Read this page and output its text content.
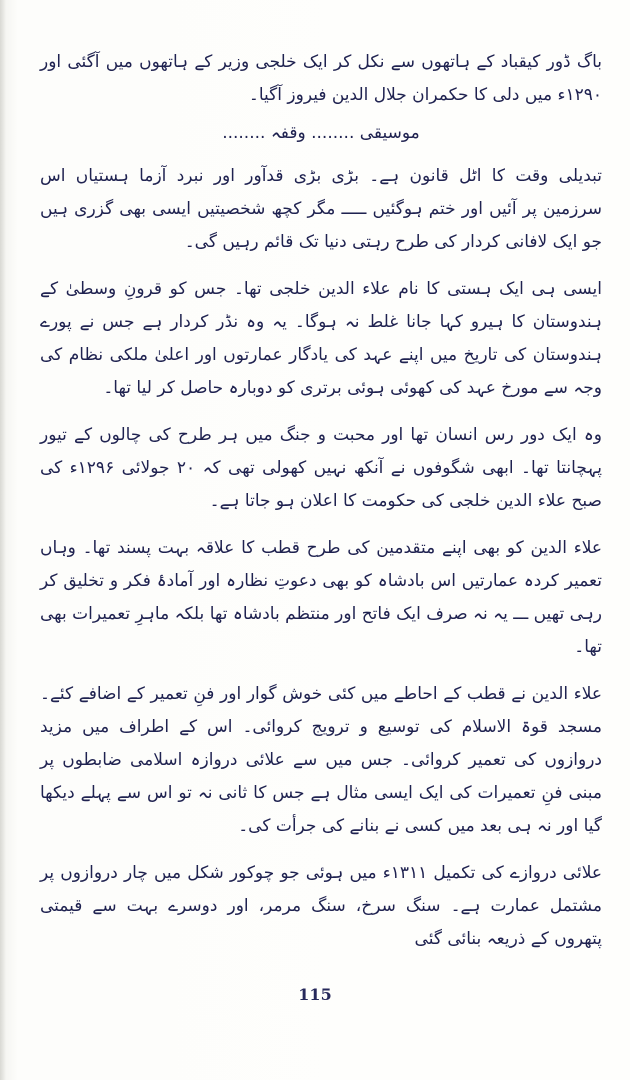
باگ ڈور کیقباد کے ہاتھوں سے نکل کر ایک خلجی وزیر کے ہاتھوں میں آگئی اور ۱۲۹۰ء میں دلی کا حکمران جلال الدین فیروز آگیا۔

موسیقی ........ وقفہ ........

تبدیلی وقت کا اٹل قانون ہے۔ بڑی بڑی قدآور اور نبرد آزما ہستیاں اس سرزمین پر آئیں اور ختم ہوگئیں ـــــ مگر کچھ شخصیتیں ایسی بھی گزری ہیں جو ایک لافانی کردار کی طرح رہتی دنیا تک قائم رہیں گی۔

ایسی ہی ایک ہستی کا نام علاء الدین خلجی تھا۔ جس کو قرونِ وسطیٰ کے ہندوستان کا ہیرو کہا جانا غلط نہ ہوگا۔ یہ وہ نڈر کردار ہے جس نے پورے ہندوستان کی تاریخ میں اپنے عہد کی یادگار عمارتوں اور اعلیٰ ملکی نظام کی وجہ سے مورخ عہد کی کھوئی ہوئی برتری کو دوبارہ حاصل کر لیا تھا۔

وہ ایک دور رس انسان تھا اور محبت و جنگ میں ہر طرح کی چالوں کے تیور پہچانتا تھا۔ ابھی شگوفوں نے آنکھ نہیں کھولی تھی کہ ۲۰ جولائی ۱۲۹۶ء کی صبح علاء الدین خلجی کی حکومت کا اعلان ہو جاتا ہے۔

علاء الدین کو بھی اپنے متقدمین کی طرح قطب کا علاقہ بہت پسند تھا۔ وہاں تعمیر کردہ عمارتیں اس بادشاہ کو بھی دعوتِ نظارہ اور آمادۂ فکر و تخلیق کر رہی تھیں ـــ یہ نہ صرف ایک فاتح اور منتظم بادشاہ تھا بلکہ ماہرِ تعمیرات بھی تھا۔

علاء الدین نے قطب کے احاطے میں کئی خوش گوار اور فنِ تعمیر کے اضافے کئے۔ مسجد قوۃ الاسلام کی توسیع و ترویج کروائی۔ اس کے اطراف میں مزید دروازوں کی تعمیر کروائی۔ جس میں سے علائی دروازہ اسلامی ضابطوں پر مبنی فنِ تعمیرات کی ایک ایسی مثال ہے جس کا ثانی نہ تو اس سے پہلے دیکھا گیا اور نہ ہی بعد میں کسی نے بنانے کی جرأت کی۔

علائی دروازے کی تکمیل ۱۳۱۱ء میں ہوئی جو چوکور شکل میں چار دروازوں پر مشتمل عمارت ہے۔ سنگ سرخ، سنگ مرمر، اور دوسرے بہت سے قیمتی پتھروں کے ذریعہ بنائی گئی

115
